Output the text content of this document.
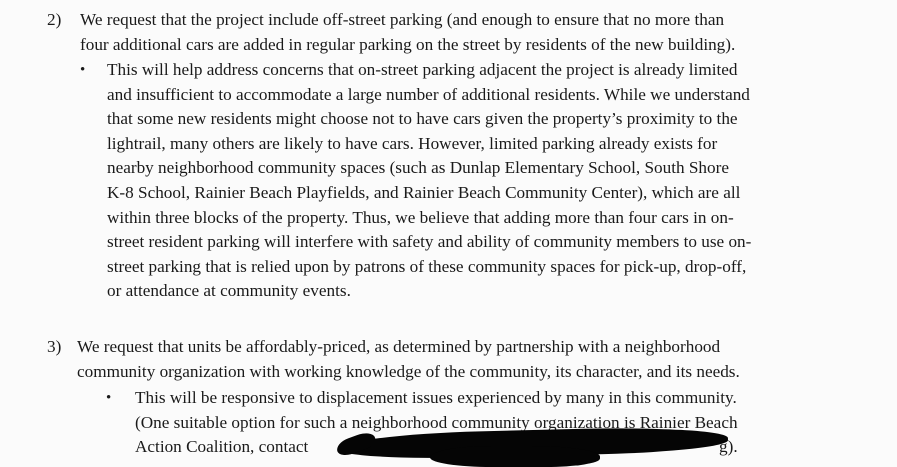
2) We request that the project include off-street parking (and enough to ensure that no more than
four additional cars are added in regular parking on the street by residents of the new building).
• This will help address concerns that on-street parking adjacent the project is already limited
and insufficient to accommodate a large number of additional residents. While we understand
that some new residents might choose not to have cars given the property’s proximity to the
lightrail, many others are likely to have cars. However, limited parking already exists for
nearby neighborhood community spaces (such as Dunlap Elementary School, South Shore
K-8 School, Rainier Beach Playfields, and Rainier Beach Community Center), which are all
within three blocks of the property. Thus, we believe that adding more than four cars in on-
street resident parking will interfere with safety and ability of community members to use on-
street parking that is relied upon by patrons of these community spaces for pick-up, drop-off,
or attendance at community events.
3) We request that units be affordably-priced, as determined by partnership with a neighborhood
community organization with working knowledge of the community, its character, and its needs.
• This will be responsive to displacement issues experienced by many in this community.
(One suitable option for such a neighborhood community organization is Rainier Beach
Action Coalition, contact	g).
